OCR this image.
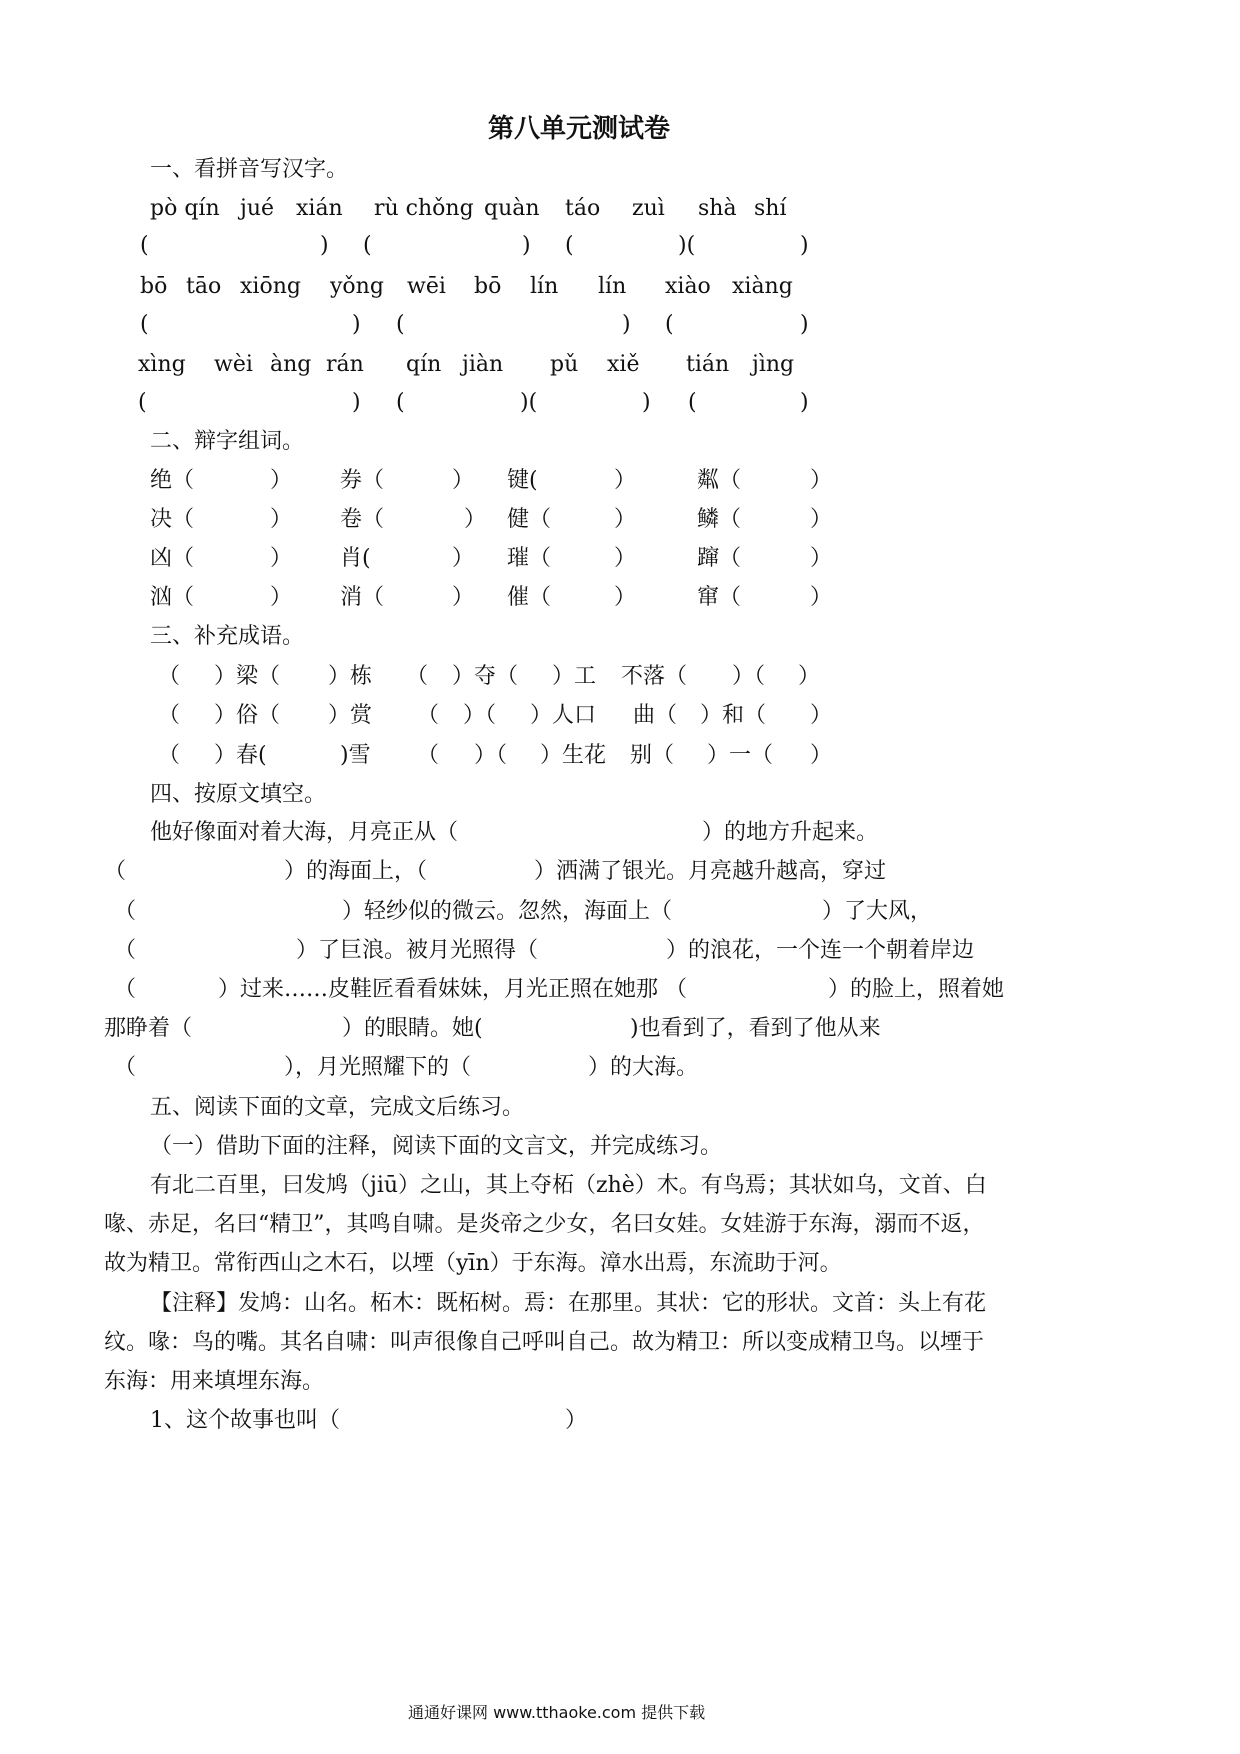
第八单元测试卷
一、看拼音写汉字。
pò qín jué xián rù chǒng quàn táo zuì shà shí
(	) (	) (	)(	)
bō tāo xiōng yǒng wēi bō lín lín xiào xiàng
(	) (	) (	)
xìng wèi àng rán qín jiàn pǔ xiě tián jìng
(	) (	)(	) (	)
二、辩字组词。
绝（	） 券（	） 键(	）	粼（	）
决（	） 卷（	） 健（	）	鳞（	）
凶（	） 肖(	） 璀（	）	蹿（	）
汹（	） 消（	） 催（	）	窜（	）
三、补充成语。
（ ）梁（ ）栋 （ ）夺（ ）工 不落（ ）（ ）
（ ）俗（ ）赏 （ ）（ ）人口 曲（ ）和（ ）
（ ）春(	)雪 （ ）（ ）生花 别（ ）一（ ）
四、按原文填空。
他好像面对着大海，月亮正从（	）的地方升起来。
（	）的海面上，（	）洒满了银光。月亮越升越高，穿过
（	）轻纱似的微云。忽然，海面上（	）了大风，
（	）了巨浪。被月光照得（	）的浪花，一个连一个朝着岸边
（	）过来……皮鞋匠看看妹妹，月光正照在她那 （	）的脸上，照着她
那睁着（	）的眼睛。她(	)也看到了，看到了他从来
（	），月光照耀下的（	）的大海。
五、阅读下面的文章，完成文后练习。
（一）借助下面的注释，阅读下面的文言文，并完成练习。
有北二百里，曰发鸠（jiū）之山，其上夺柘（zhè）木。有鸟焉；其状如乌，文首、白
喙、赤足，名曰“精卫”，其鸣自啸。是炎帝之少女，名曰女娃。女娃游于东海，溺而不返，
故为精卫。常衔西山之木石，以堙（yīn）于东海。漳水出焉，东流助于河。
【注释】发鸠：山名。柘木：既柘树。焉：在那里。其状：它的形状。文首：头上有花
纹。喙：鸟的嘴。其名自啸：叫声很像自己呼叫自己。故为精卫：所以变成精卫鸟。以堙于
东海：用来填埋东海。
1、这个故事也叫（	）
通通好课网 www.tthaoke.com 提供下载
